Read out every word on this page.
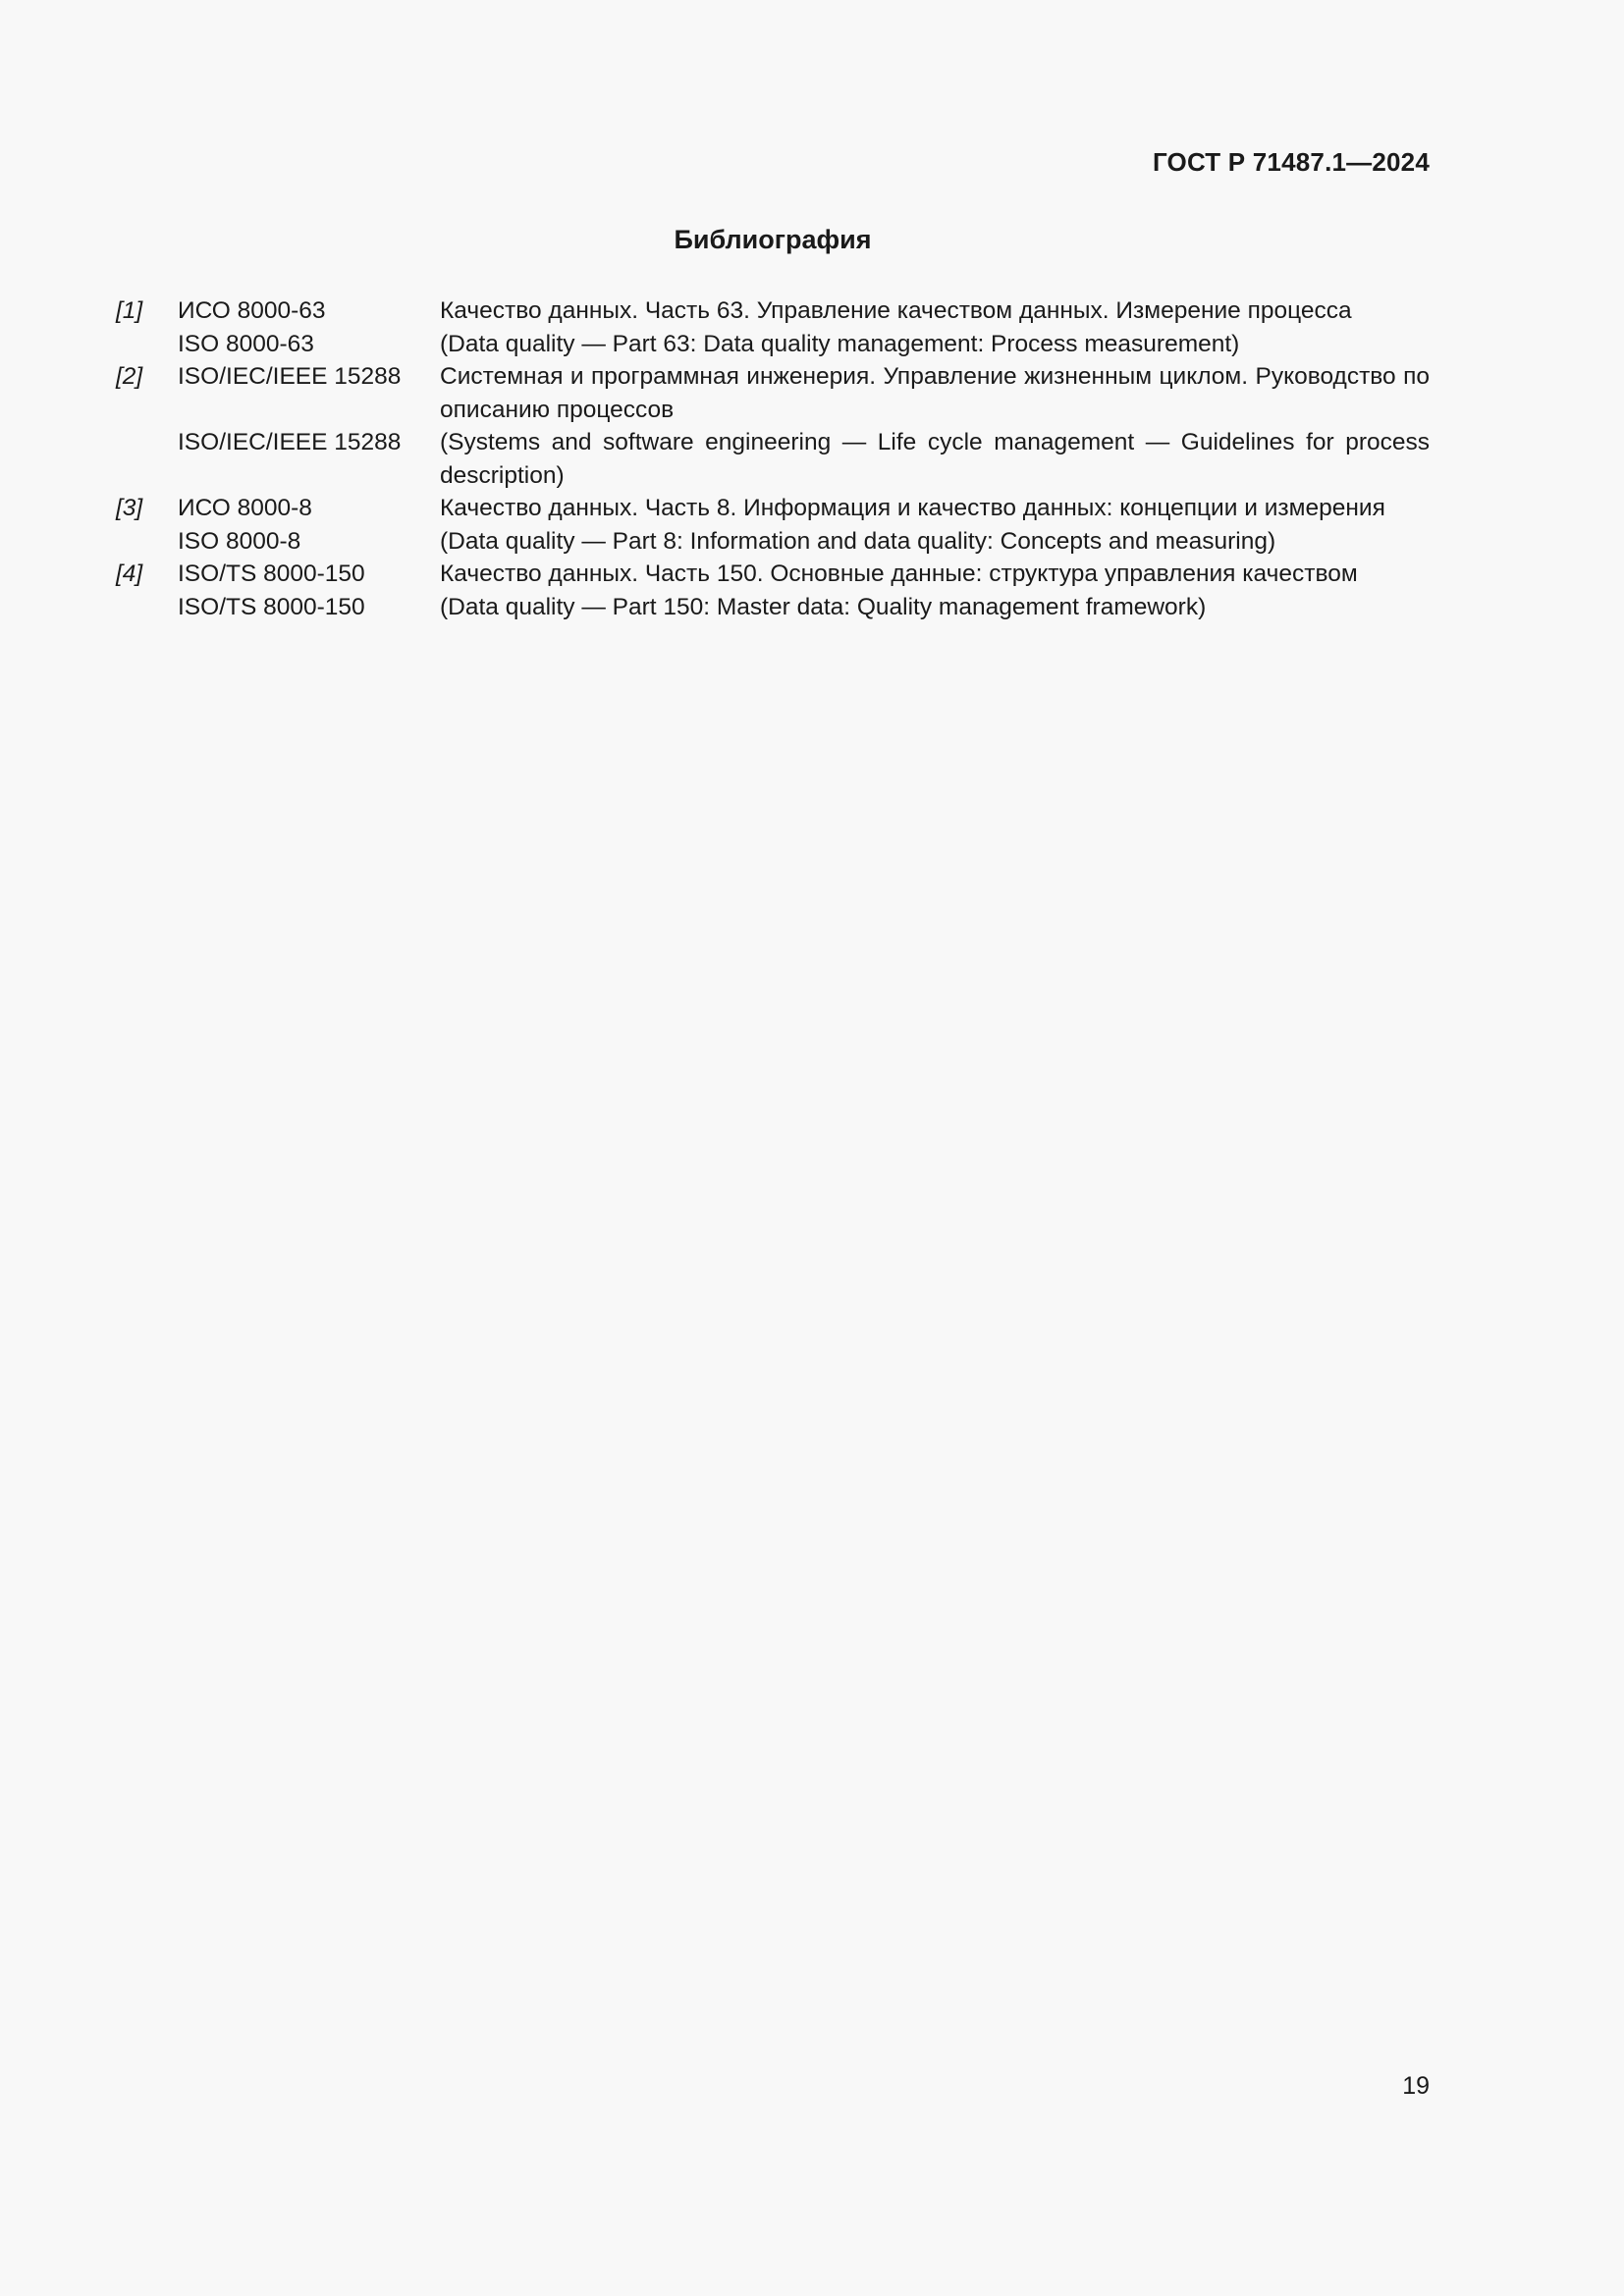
ГОСТ Р 71487.1—2024
Библиография
[1]	ИСО 8000-63	Качество данных. Часть 63. Управление качеством данных. Измерение процесса
ISO 8000-63	(Data quality — Part 63: Data quality management: Process measurement)
[2]	ISO/IEC/IEEE 15288	Системная и программная инженерия. Управление жизненным циклом. Руководство по описанию процессов
ISO/IEC/IEEE 15288	(Systems and software engineering — Life cycle management — Guidelines for process description)
[3]	ИСО 8000-8	Качество данных. Часть 8. Информация и качество данных: концепции и измерения
ISO 8000-8	(Data quality — Part 8: Information and data quality: Concepts and measuring)
[4]	ISO/TS 8000-150	Качество данных. Часть 150. Основные данные: структура управления качеством
ISO/TS 8000-150	(Data quality — Part 150: Master data: Quality management framework)
19
